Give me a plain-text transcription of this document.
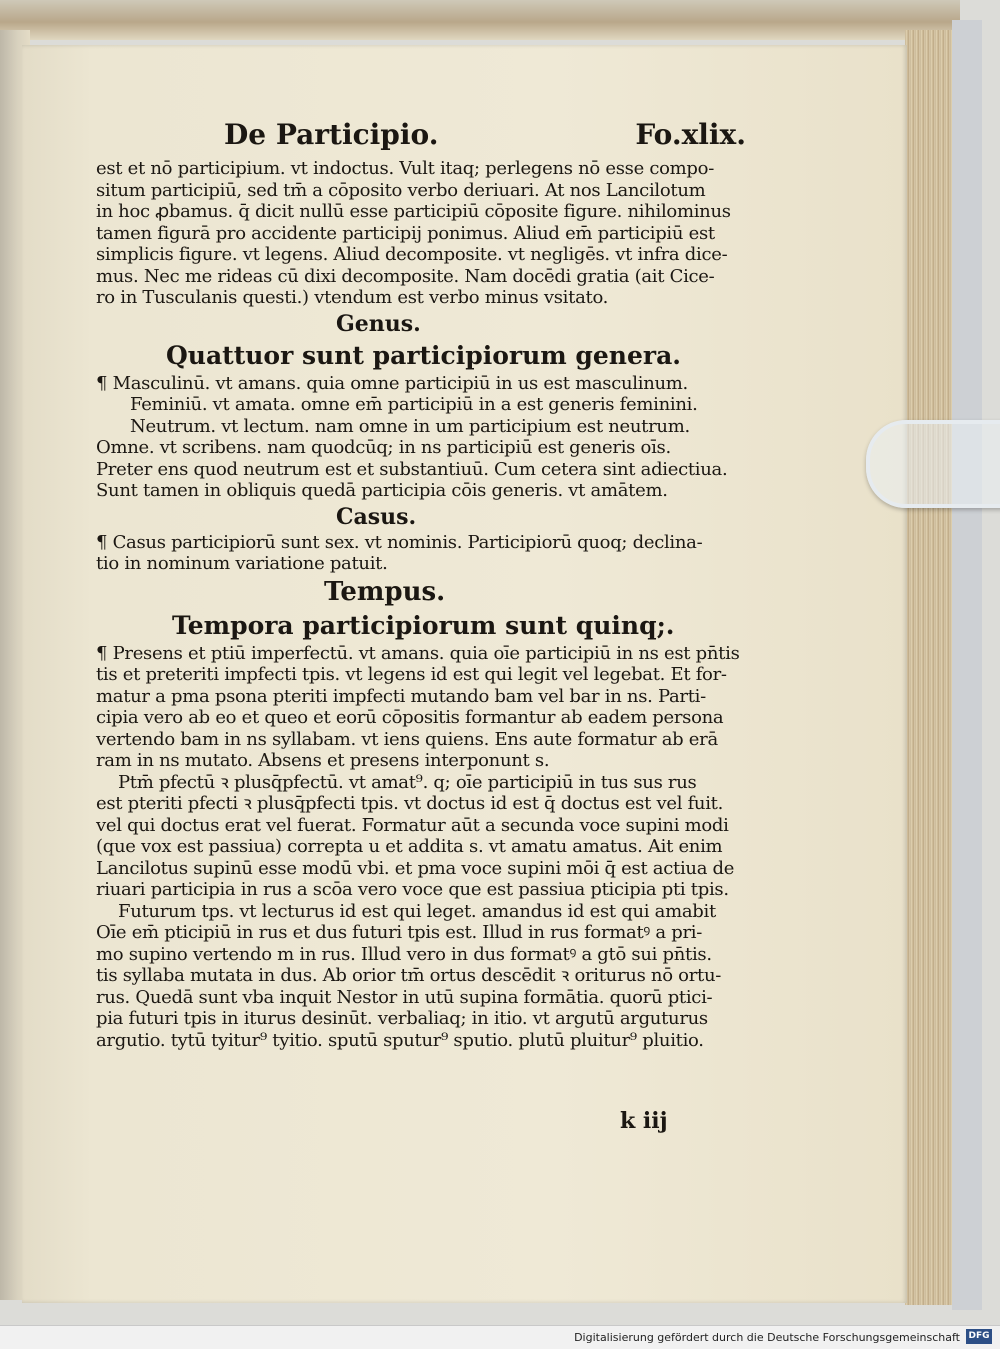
De Participio.	Fo.xlix.
est et nō participium. vt indoctus. Vult itaq; perlegens nō esse compo-
situm participiū, sed tm̄ a cōposito verbo deriuari. At nos Lancilotum
in hoc ꝓbamus. q̄ dicit nullū esse participiū cōposite figure. nihilominus
tamen figurā pro accidente participij ponimus. Aliud em̄ participiū est
simplicis figure. vt legens. Aliud decomposite. vt negligēs. vt infra dice-
mus. Nec me rideas cū dixi decomposite. Nam docēdi gratia (ait Cice-
ro in Tusculanis questi.) vtendum est verbo minus vsitato.
Genus.
Quattuor sunt participiorum genera.
¶ Masculinū. vt amans. quia omne participiū in us est masculinum.
Feminiū. vt amata. omne em̄ participiū in a est generis feminini.
Neutrum. vt lectum. nam omne in um participium est neutrum.
Omne. vt scribens. nam quodcūq; in ns participiū est generis oīs.
Preter ens quod neutrum est et substantiuū. Cum cetera sint adiectiua.
Sunt tamen in obliquis quedā participia cōis generis. vt amātem.
Casus.
¶ Casus participiorū sunt sex. vt nominis. Participiorū quoq; declina-
tio in nominum variatione patuit.
Tempus.
Tempora participiorum sunt quinq;.
¶ Presens et ptiū imperfectū. vt amans. quia oīe participiū in ns est pn̄tis
tis et preteriti impfecti tpis. vt legens id est qui legit vel legebat. Et for-
matur a pma psona pteriti impfecti mutando bam vel bar in ns. Parti-
cipia vero ab eo et queo et eorū cōpositis formantur ab eadem persona
vertendo bam in ns syllabam. vt iens quiens. Ens aute formatur ab erā
ram in ns mutato. Absens et presens interponunt s.
Ptm̄ pfectū ꝛ plusq̄pfectū. vt amat⁹. q; oīe participiū in tus sus rus
est pteriti pfecti ꝛ plusq̄pfecti tpis. vt doctus id est q̄ doctus est vel fuit.
vel qui doctus erat vel fuerat. Formatur aūt a secunda voce supini modi
(que vox est passiua) correpta u et addita s. vt amatu amatus. Ait enim
Lancilotus supinū esse modū vbi. et pma voce supini mōi q̄ est actiua de
riuari participia in rus a scōa vero voce que est passiua pticipia pti tpis.
Futurum tps. vt lecturus id est qui leget. amandus id est qui amabit
Oīe em̄ pticipiū in rus et dus futuri tpis est. Illud in rus formatꝰ a pri-
mo supino vertendo m in rus. Illud vero in dus formatꝰ a gtō sui pn̄tis.
tis syllaba mutata in dus. Ab orior tm̄ ortus descēdit ꝛ oriturus nō ortu-
rus. Quedā sunt vba inquit Nestor in utū supina formātia. quorū ptici-
pia futuri tpis in iturus desinūt. verbaliaq; in itio. vt argutū arguturus
argutio. tytū tyitur⁹ tyitio. sputū sputur⁹ sputio. plutū pluitur⁹ pluitio.
k iij
Digitalisierung gefördert durch die Deutsche Forschungsgemeinschaft DFG
